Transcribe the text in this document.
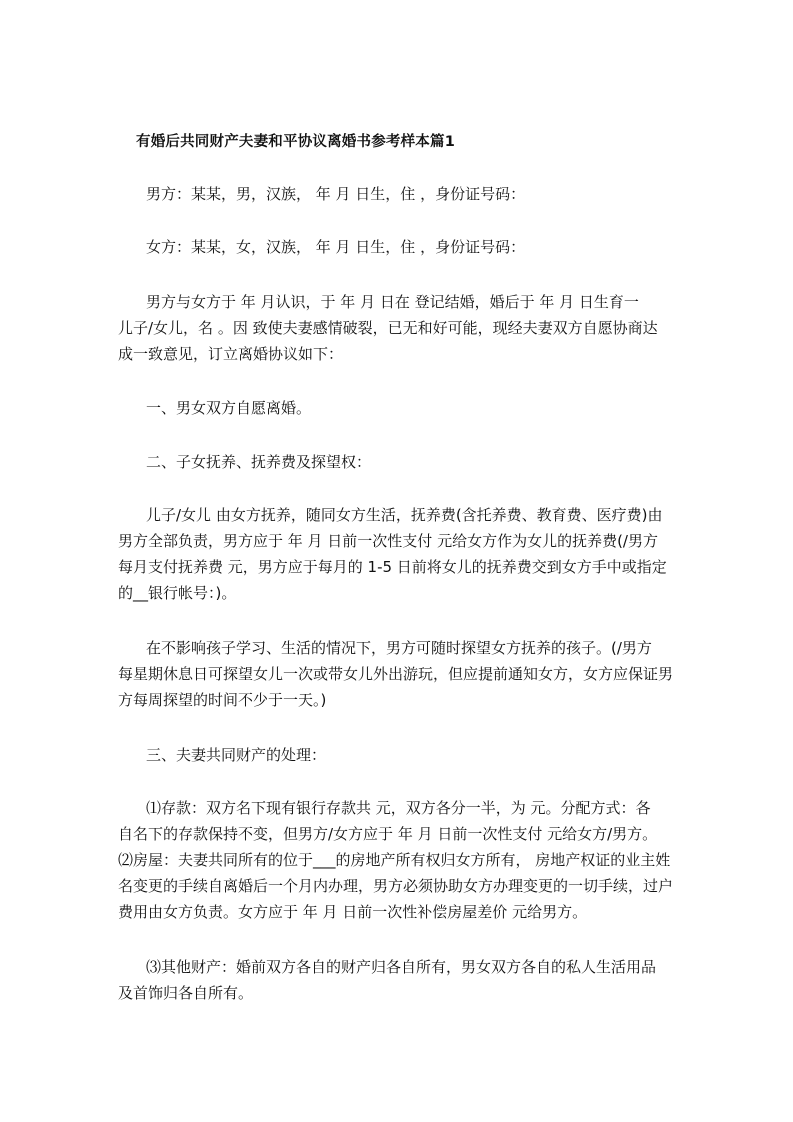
有婚后共同财产夫妻和平协议离婚书参考样本篇1
男方：某某，男，汉族， 年 月 日生，住 ，身份证号码：
女方：某某，女，汉族， 年 月 日生，住 ，身份证号码：
男方与女方于 年 月认识，于 年 月 日在 登记结婚，婚后于 年 月 日生育一
儿子/女儿，名 。因 致使夫妻感情破裂，已无和好可能，现经夫妻双方自愿协商达
成一致意见，订立离婚协议如下：
一、男女双方自愿离婚。
二、子女抚养、抚养费及探望权：
儿子/女儿 由女方抚养，随同女方生活，抚养费(含托养费、教育费、医疗费)由
男方全部负责，男方应于 年 月 日前一次性支付 元给女方作为女儿的抚养费(/男方
每月支付抚养费 元，男方应于每月的 1-5 日前将女儿的抚养费交到女方手中或指定
的__银行帐号：)。
在不影响孩子学习、生活的情况下，男方可随时探望女方抚养的孩子。(/男方
每星期休息日可探望女儿一次或带女儿外出游玩，但应提前通知女方，女方应保证男
方每周探望的时间不少于一天。)
三、夫妻共同财产的处理：
⑴存款：双方名下现有银行存款共 元，双方各分一半，为 元。分配方式：各
自名下的存款保持不变，但男方/女方应于 年 月 日前一次性支付 元给女方/男方。
⑵房屋：夫妻共同所有的位于___的房地产所有权归女方所有， 房地产权证的业主姓
名变更的手续自离婚后一个月内办理，男方必须协助女方办理变更的一切手续，过户
费用由女方负责。女方应于 年 月 日前一次性补偿房屋差价 元给男方。
⑶其他财产：婚前双方各自的财产归各自所有，男女双方各自的私人生活用品
及首饰归各自所有。
